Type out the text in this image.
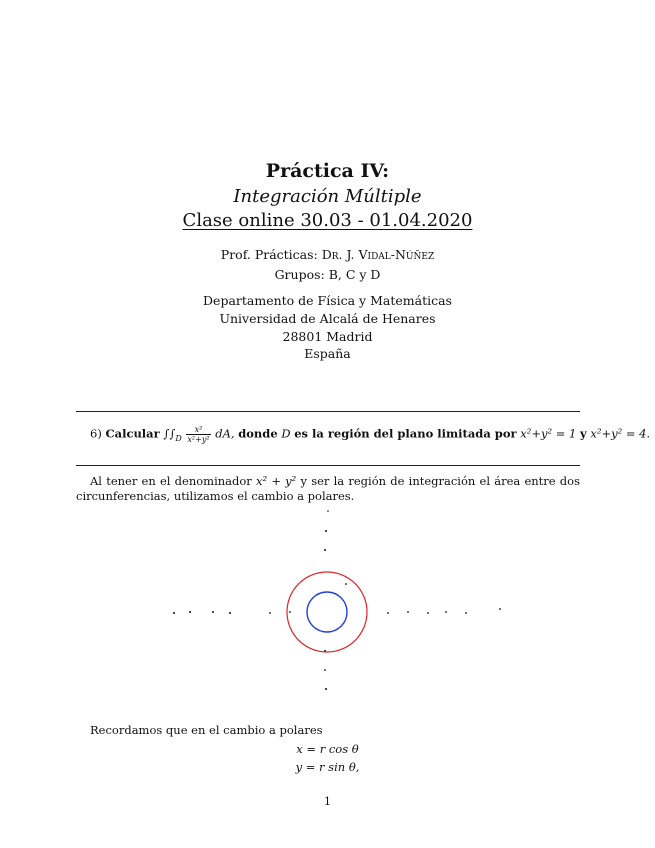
Práctica IV:
Integración Múltiple
Clase online 30.03 - 01.04.2020
Prof. Prácticas: Dr. J. Vidal-Núñez
Grupos: B, C y D
Departamento de Física y Matemáticas
Universidad de Alcalá de Henares
28801 Madrid
España
6) Calcular $\int\int_D \frac{\text{x²}}{\text{x²+y²}}$ dA, donde D es la región del plano limitada por x²+y² = 1 y x²+y² = 4.
Al tener en el denominador x² + y² y ser la región de integración el área entre dos circunferencias, utilizamos el cambio a polares.
Recordamos que en el cambio a polares
x = r cos θ
y = r sin θ,
1
